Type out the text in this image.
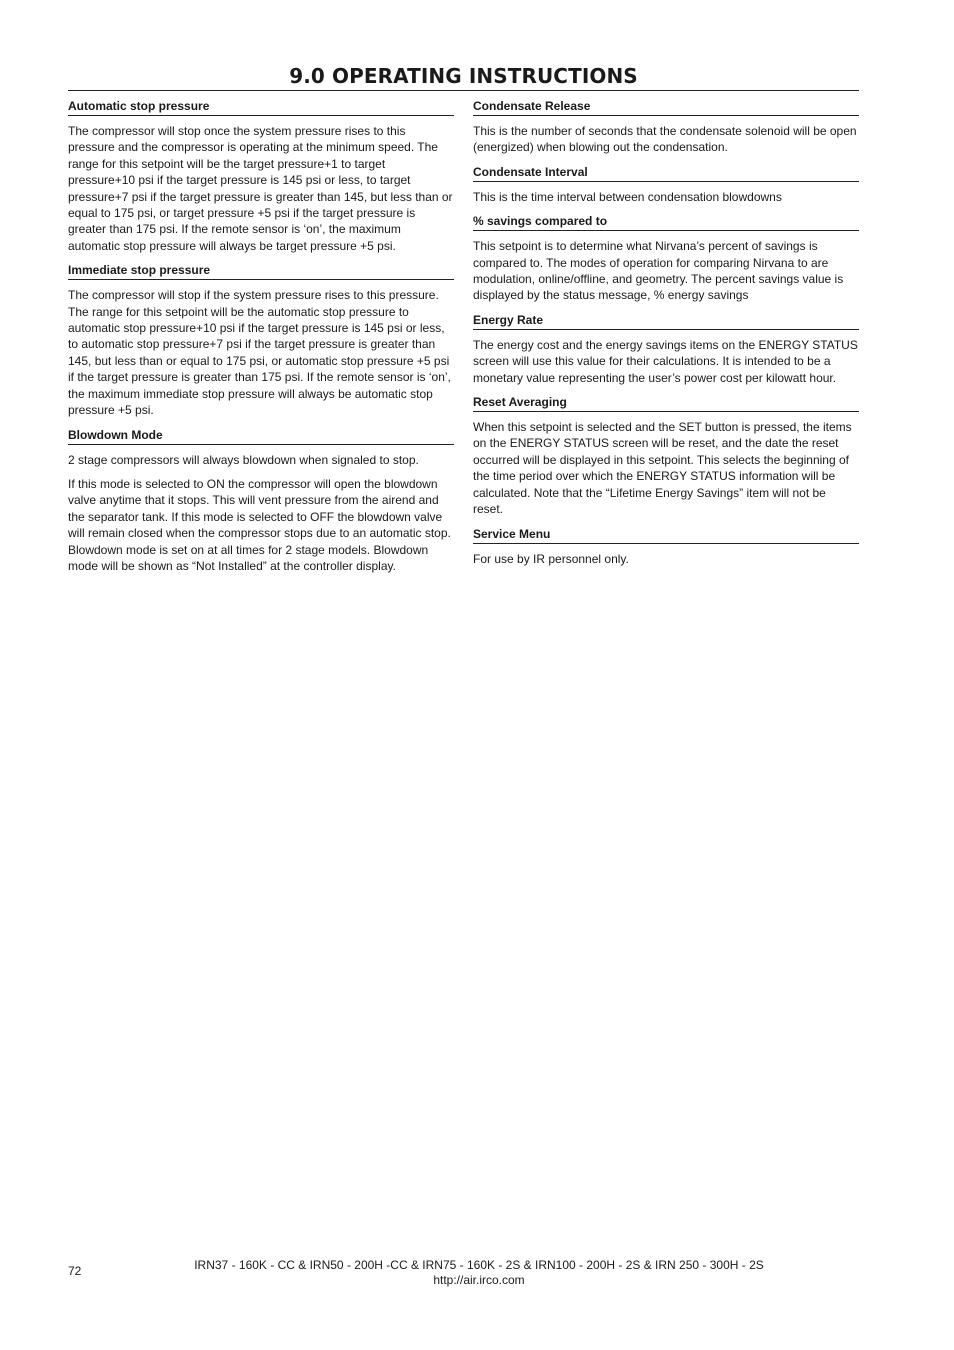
9.0 OPERATING INSTRUCTIONS
Automatic stop pressure

The compressor will stop once the system pressure rises to this pressure and the compressor is operating at the minimum speed. The range for this setpoint will be the target pressure+1 to target pressure+10 psi if the target pressure is 145 psi or less, to target pressure+7 psi if the target pressure is greater than 145, but less than or equal to 175 psi, or target pressure +5 psi if the target pressure is greater than 175 psi. If the remote sensor is ‘on’, the maximum automatic stop pressure will always be target pressure +5 psi.

Immediate stop pressure

The compressor will stop if the system pressure rises to this pressure. The range for this setpoint will be the automatic stop pressure to automatic stop pressure+10 psi if the target pressure is 145 psi or less, to automatic stop pressure+7 psi if the target pressure is greater than 145, but less than or equal to 175 psi, or automatic stop pressure +5 psi if the target pressure is greater than 175 psi. If the remote sensor is ‘on’, the maximum immediate stop pressure will always be automatic stop pressure +5 psi.

Blowdown Mode

2 stage compressors will always blowdown when signaled to stop.

If this mode is selected to ON the compressor will open the blowdown valve anytime that it stops. This will vent pressure from the airend and the separator tank. If this mode is selected to OFF the blowdown valve will remain closed when the compressor stops due to an automatic stop. Blowdown mode is set on at all times for 2 stage models. Blowdown mode will be shown as “Not Installed” at the controller display.

Condensate Release

This is the number of seconds that the condensate solenoid will be open (energized) when blowing out the condensation.

Condensate Interval

This is the time interval between condensation blowdowns

% savings compared to

This setpoint is to determine what Nirvana’s percent of savings is compared to. The modes of operation for comparing Nirvana to are modulation, online/offline, and geometry. The percent savings value is displayed by the status message, % energy savings

Energy Rate

The energy cost and the energy savings items on the ENERGY STATUS screen will use this value for their calculations. It is intended to be a monetary value representing the user’s power cost per kilowatt hour.

Reset Averaging

When this setpoint is selected and the SET button is pressed, the items on the ENERGY STATUS screen will be reset, and the date the reset occurred will be displayed in this setpoint. This selects the beginning of the time period over which the ENERGY STATUS information will be calculated. Note that the “Lifetime Energy Savings” item will not be reset.

Service Menu

For use by IR personnel only.

72	IRN37 - 160K - CC & IRN50 - 200H -CC & IRN75 - 160K - 2S & IRN100 - 200H - 2S & IRN 250 - 300H - 2S
http://air.irco.com
